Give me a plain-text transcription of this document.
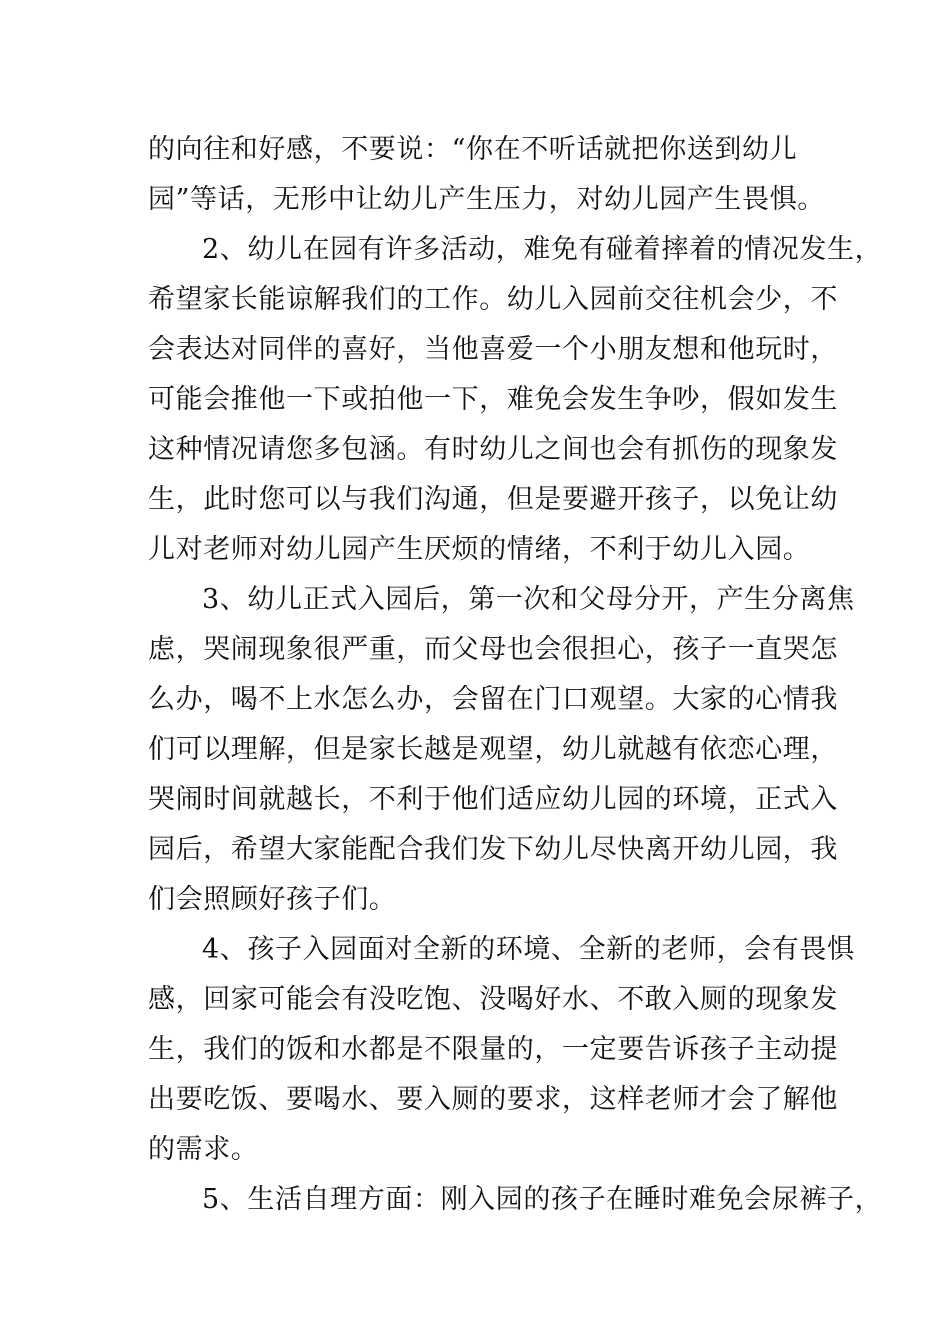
的向往和好感，不要说：“你在不听话就把你送到幼儿
园”等话，无形中让幼儿产生压力，对幼儿园产生畏惧。
2、幼儿在园有许多活动，难免有碰着摔着的情况发生，
希望家长能谅解我们的工作。幼儿入园前交往机会少，不
会表达对同伴的喜好，当他喜爱一个小朋友想和他玩时，
可能会推他一下或拍他一下，难免会发生争吵，假如发生
这种情况请您多包涵。有时幼儿之间也会有抓伤的现象发
生，此时您可以与我们沟通，但是要避开孩子，以免让幼
儿对老师对幼儿园产生厌烦的情绪，不利于幼儿入园。
3、幼儿正式入园后，第一次和父母分开，产生分离焦
虑，哭闹现象很严重，而父母也会很担心，孩子一直哭怎
么办，喝不上水怎么办，会留在门口观望。大家的心情我
们可以理解，但是家长越是观望，幼儿就越有依恋心理，
哭闹时间就越长，不利于他们适应幼儿园的环境，正式入
园后，希望大家能配合我们发下幼儿尽快离开幼儿园，我
们会照顾好孩子们。
4、孩子入园面对全新的环境、全新的老师，会有畏惧
感，回家可能会有没吃饱、没喝好水、不敢入厕的现象发
生，我们的饭和水都是不限量的，一定要告诉孩子主动提
出要吃饭、要喝水、要入厕的要求，这样老师才会了解他
的需求。
5、生活自理方面：刚入园的孩子在睡时难免会尿裤子，
